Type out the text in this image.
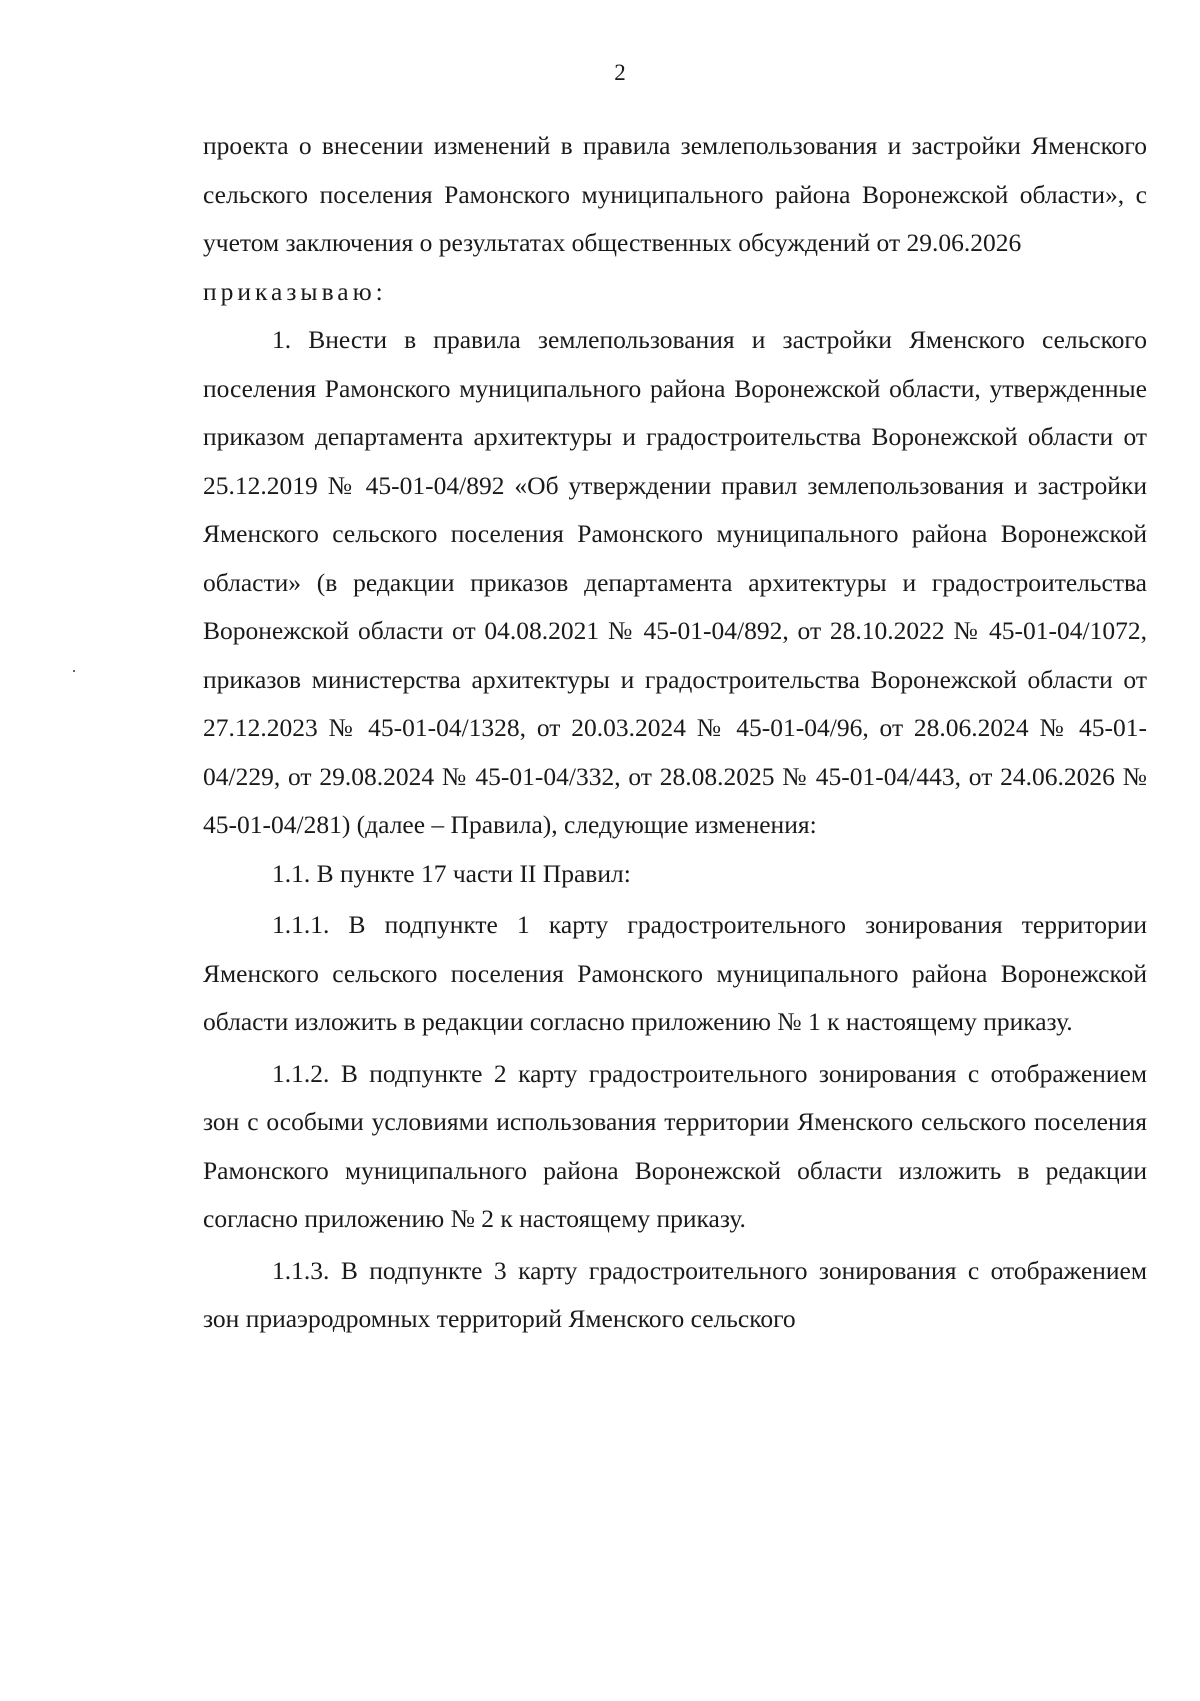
2

проекта о внесении изменений в правила землепользования и застройки Яменского сельского поселения Рамонского муниципального района Воронежской области», с учетом заключения о результатах общественных обсуждений от 29.06.2026

приказываю:

1. Внести в правила землепользования и застройки Яменского сельского поселения Рамонского муниципального района Воронежской области, утвержденные приказом департамента архитектуры и градостроительства Воронежской области от 25.12.2019 № 45-01-04/892 «Об утверждении правил землепользования и застройки Яменского сельского поселения Рамонского муниципального района Воронежской области» (в редакции приказов департамента архитектуры и градостроительства Воронежской области от 04.08.2021 № 45-01-04/892, от 28.10.2022 № 45-01-04/1072, приказов министерства архитектуры и градостроительства Воронежской области от 27.12.2023 № 45-01-04/1328, от 20.03.2024 № 45-01-04/96, от 28.06.2024 № 45-01-04/229, от 29.08.2024 № 45-01-04/332, от 28.08.2025 № 45-01-04/443, от 24.06.2026 № 45-01-04/281) (далее – Правила), следующие изменения:

1.1. В пункте 17 части II Правил:

1.1.1. В подпункте 1 карту градостроительного зонирования территории Яменского сельского поселения Рамонского муниципального района Воронежской области изложить в редакции согласно приложению № 1 к настоящему приказу.

1.1.2. В подпункте 2 карту градостроительного зонирования с отображением зон с особыми условиями использования территории Яменского сельского поселения Рамонского муниципального района Воронежской области изложить в редакции согласно приложению № 2 к настоящему приказу.

1.1.3. В подпункте 3 карту градостроительного зонирования с отображением зон приаэродромных территорий Яменского сельского
